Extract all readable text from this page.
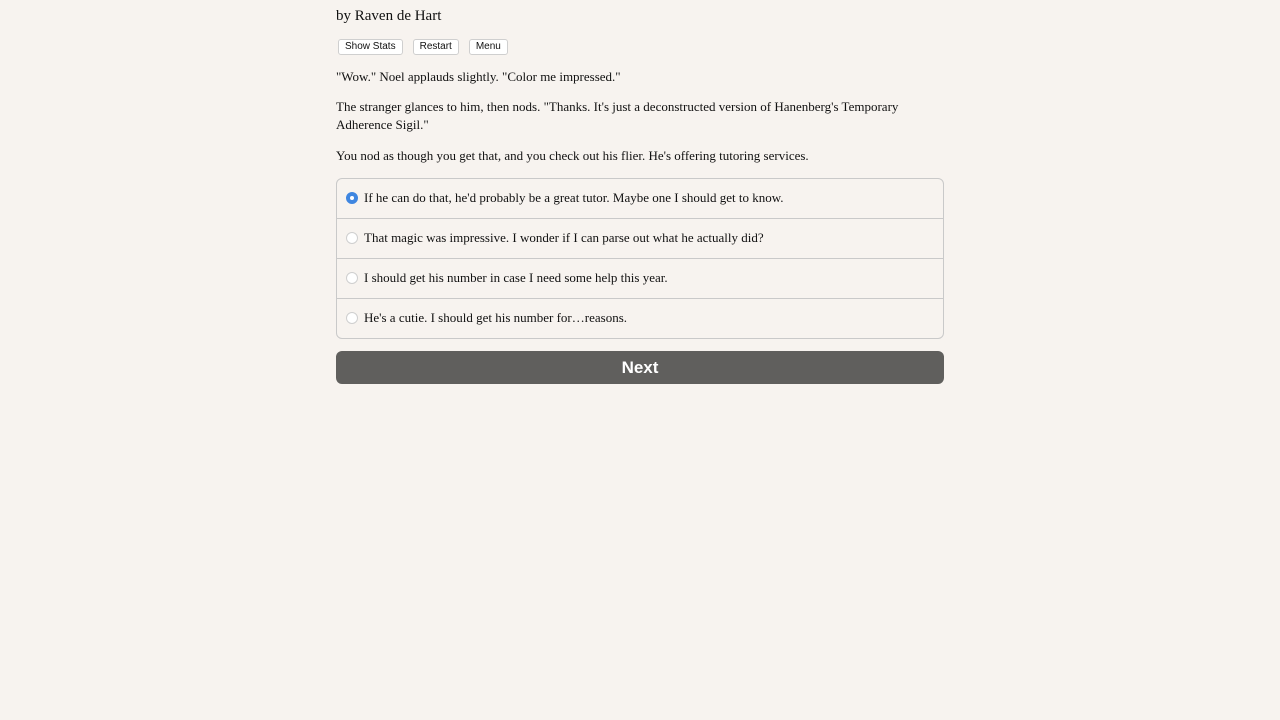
by Raven de Hart
Show Stats	Restart	Menu

"Wow." Noel applauds slightly. "Color me impressed."

The stranger glances to him, then nods. "Thanks. It's just a deconstructed version of Hanenberg's Temporary Adherence Sigil."

You nod as though you get that, and you check out his flier. He's offering tutoring services.

If he can do that, he'd probably be a great tutor. Maybe one I should get to know.
That magic was impressive. I wonder if I can parse out what he actually did?
I should get his number in case I need some help this year.
He's a cutie. I should get his number for…reasons.
Next
